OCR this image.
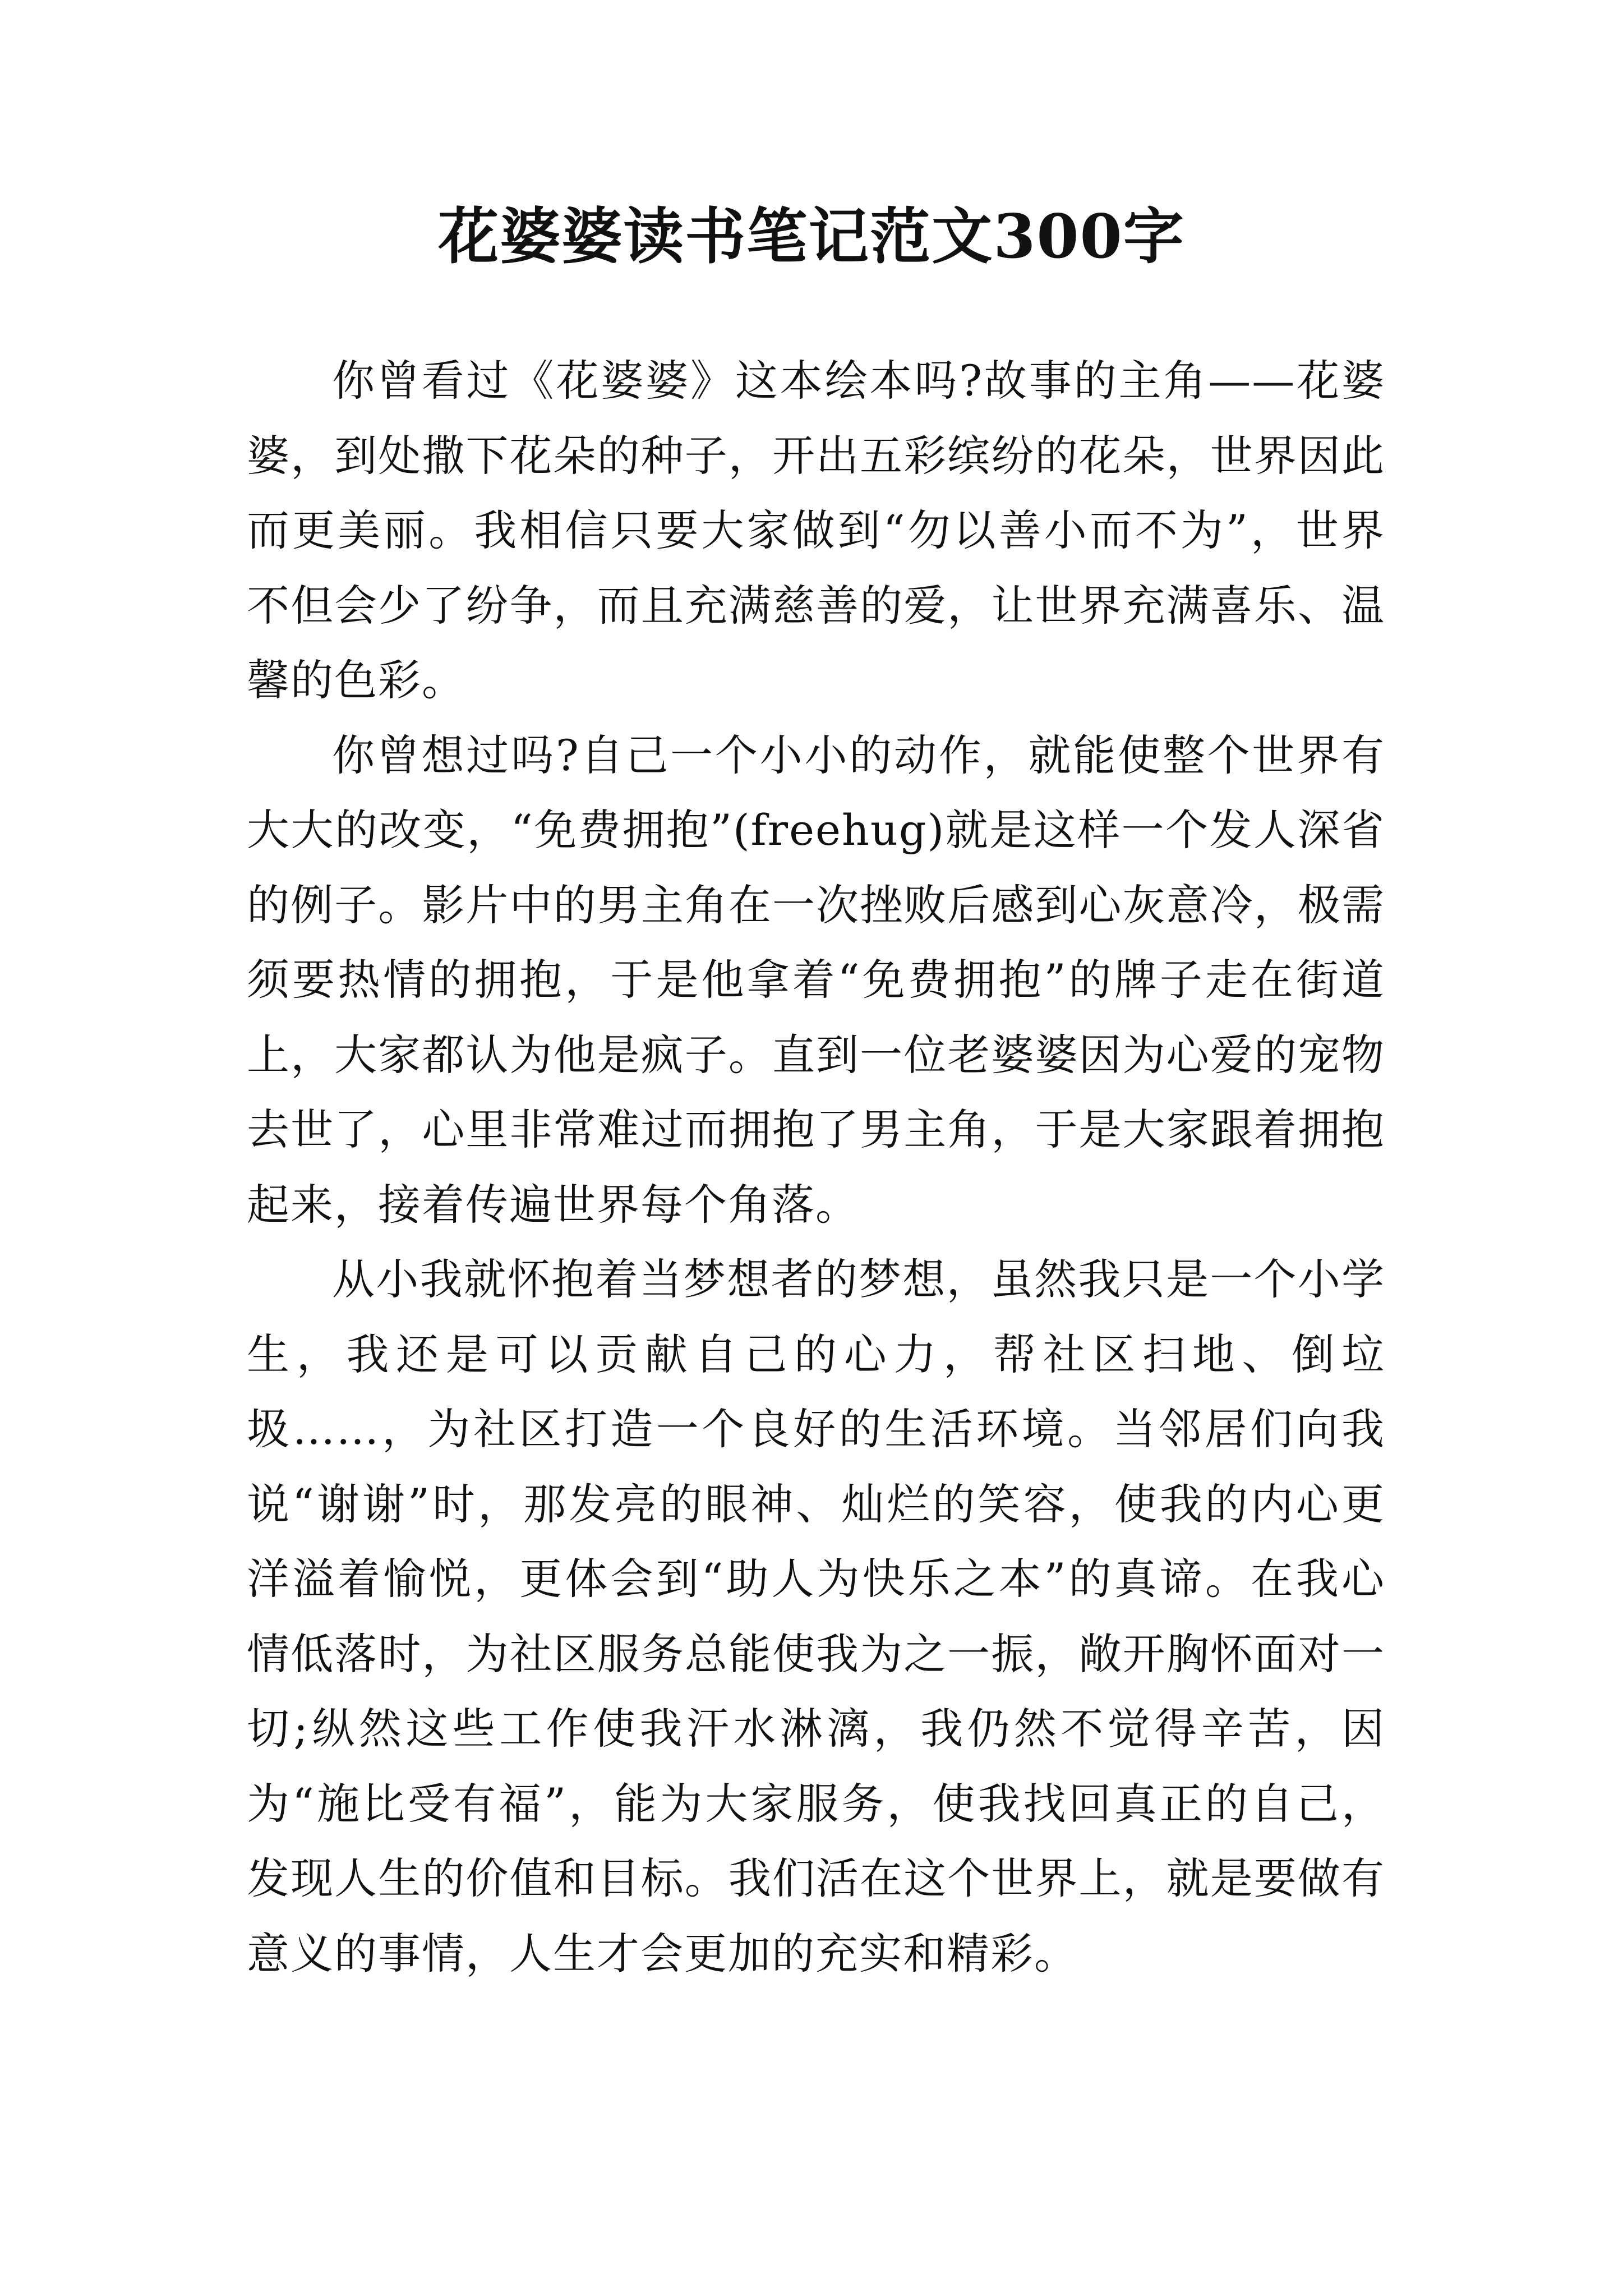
花婆婆读书笔记范文300字

你曾看过《花婆婆》这本绘本吗?故事的主角——花婆婆，到处撒下花朵的种子，开出五彩缤纷的花朵，世界因此而更美丽。我相信只要大家做到“勿以善小而不为”，世界不但会少了纷争，而且充满慈善的爱，让世界充满喜乐、温馨的色彩。

你曾想过吗?自己一个小小的动作，就能使整个世界有大大的改变，“免费拥抱”(freehug)就是这样一个发人深省的例子。影片中的男主角在一次挫败后感到心灰意冷，极需须要热情的拥抱，于是他拿着“免费拥抱”的牌子走在街道上，大家都认为他是疯子。直到一位老婆婆因为心爱的宠物去世了，心里非常难过而拥抱了男主角，于是大家跟着拥抱起来，接着传遍世界每个角落。

从小我就怀抱着当梦想者的梦想，虽然我只是一个小学生，我还是可以贡献自己的心力，帮社区扫地、倒垃圾……，为社区打造一个良好的生活环境。当邻居们向我说“谢谢”时，那发亮的眼神、灿烂的笑容，使我的内心更洋溢着愉悦，更体会到“助人为快乐之本”的真谛。在我心情低落时，为社区服务总能使我为之一振，敞开胸怀面对一切;纵然这些工作使我汗水淋漓，我仍然不觉得辛苦，因为“施比受有福”，能为大家服务，使我找回真正的自己，发现人生的价值和目标。我们活在这个世界上，就是要做有意义的事情，人生才会更加的充实和精彩。
